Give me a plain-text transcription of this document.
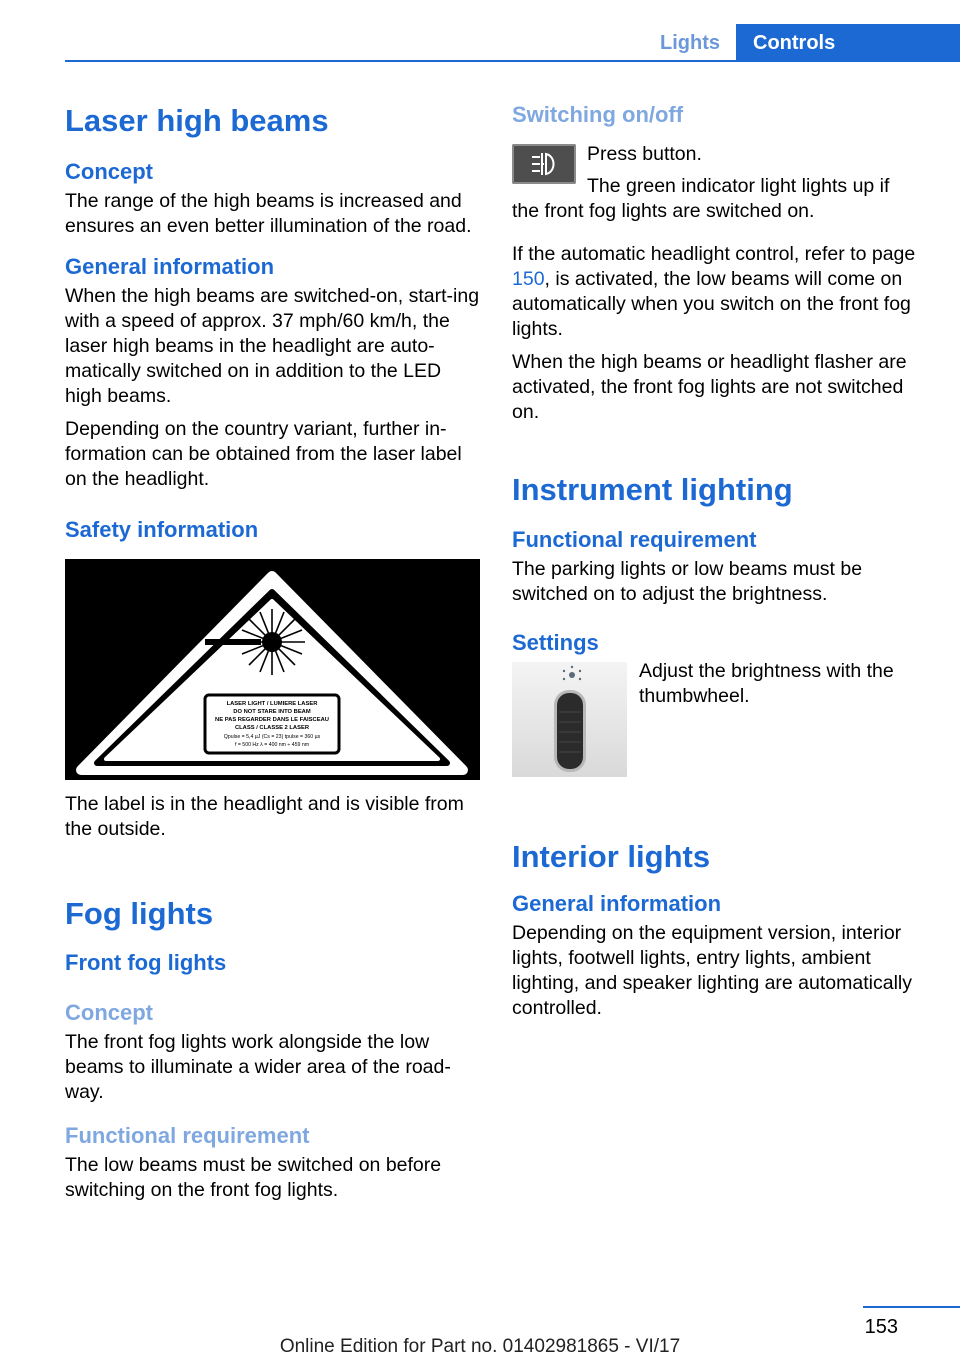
Lights	Controls
Laser high beams
Concept

The range of the high beams is increased and ensures an even better illumination of the road.

General information

When the high beams are switched-on, start‐ing with a speed of approx. 37 mph/60 km/h, the laser high beams in the headlight are auto‐matically switched on in addition to the LED high beams.

Depending on the country variant, further in‐formation can be obtained from the laser label on the headlight.

Safety information
LASER LIGHT / LUMIERE LASER
DO NOT STARE INTO BEAM
NE PAS REGARDER DANS LE FAISCEAU
CLASS / CLASSE 2 LASER
Qpulse = 5,4 µJ (Cs = 23) tpulse = 360 µs
f = 500 Hz λ = 400 nm ÷ 459 nm

The label is in the headlight and is visible from the outside.

Fog lights
Front fog lights
Concept

The front fog lights work alongside the low beams to illuminate a wider area of the road‐way.

Functional requirement

The low beams must be switched on before switching on the front fog lights.

Switching on/off

Press button.

The green indicator light lights up if

the front fog lights are switched on.

If the automatic headlight control, refer to page 150, is activated, the low beams will come on automatically when you switch on the front fog lights.

When the high beams or headlight flasher are activated, the front fog lights are not switched on.

Instrument lighting
Functional requirement

The parking lights or low beams must be switched on to adjust the brightness.

Settings

Adjust the brightness with the thumbwheel.

Interior lights
General information

Depending on the equipment version, interior lights, footwell lights, entry lights, ambient lighting, and speaker lighting are automatically controlled.

153
Online Edition for Part no. 01402981865 - VI/17
